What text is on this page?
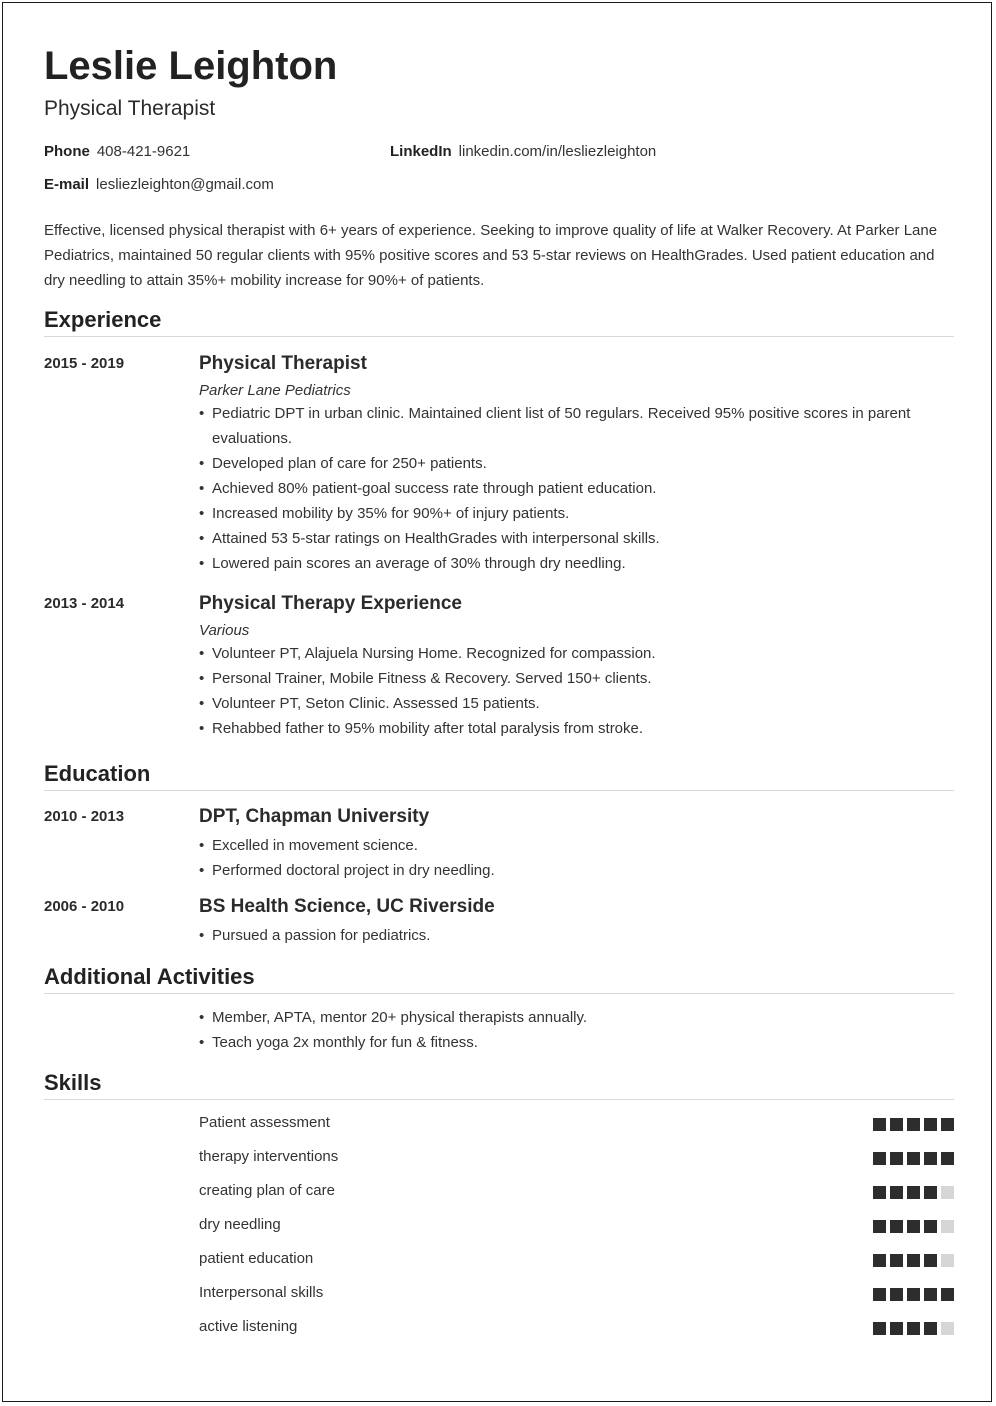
Leslie Leighton
Physical Therapist
Phone 408-421-9621	LinkedIn linkedin.com/in/lesliezleighton
E-mail lesliezleighton@gmail.com
Effective, licensed physical therapist with 6+ years of experience. Seeking to improve quality of life at Walker Recovery. At Parker Lane Pediatrics, maintained 50 regular clients with 95% positive scores and 53 5-star reviews on HealthGrades. Used patient education and dry needling to attain 35%+ mobility increase for 90%+ of patients.
Experience
2015 - 2019	Physical Therapist
Parker Lane Pediatrics
• Pediatric DPT in urban clinic. Maintained client list of 50 regulars. Received 95% positive scores in parent evaluations.
• Developed plan of care for 250+ patients.
• Achieved 80% patient-goal success rate through patient education.
• Increased mobility by 35% for 90%+ of injury patients.
• Attained 53 5-star ratings on HealthGrades with interpersonal skills.
• Lowered pain scores an average of 30% through dry needling.
2013 - 2014	Physical Therapy Experience
Various
• Volunteer PT, Alajuela Nursing Home. Recognized for compassion.
• Personal Trainer, Mobile Fitness & Recovery. Served 150+ clients.
• Volunteer PT, Seton Clinic. Assessed 15 patients.
• Rehabbed father to 95% mobility after total paralysis from stroke.
Education
2010 - 2013	DPT, Chapman University
• Excelled in movement science.
• Performed doctoral project in dry needling.
2006 - 2010	BS Health Science, UC Riverside
• Pursued a passion for pediatrics.
Additional Activities
• Member, APTA, mentor 20+ physical therapists annually.
• Teach yoga 2x monthly for fun & fitness.
Skills
Patient assessment
therapy interventions
creating plan of care
dry needling
patient education
Interpersonal skills
active listening
